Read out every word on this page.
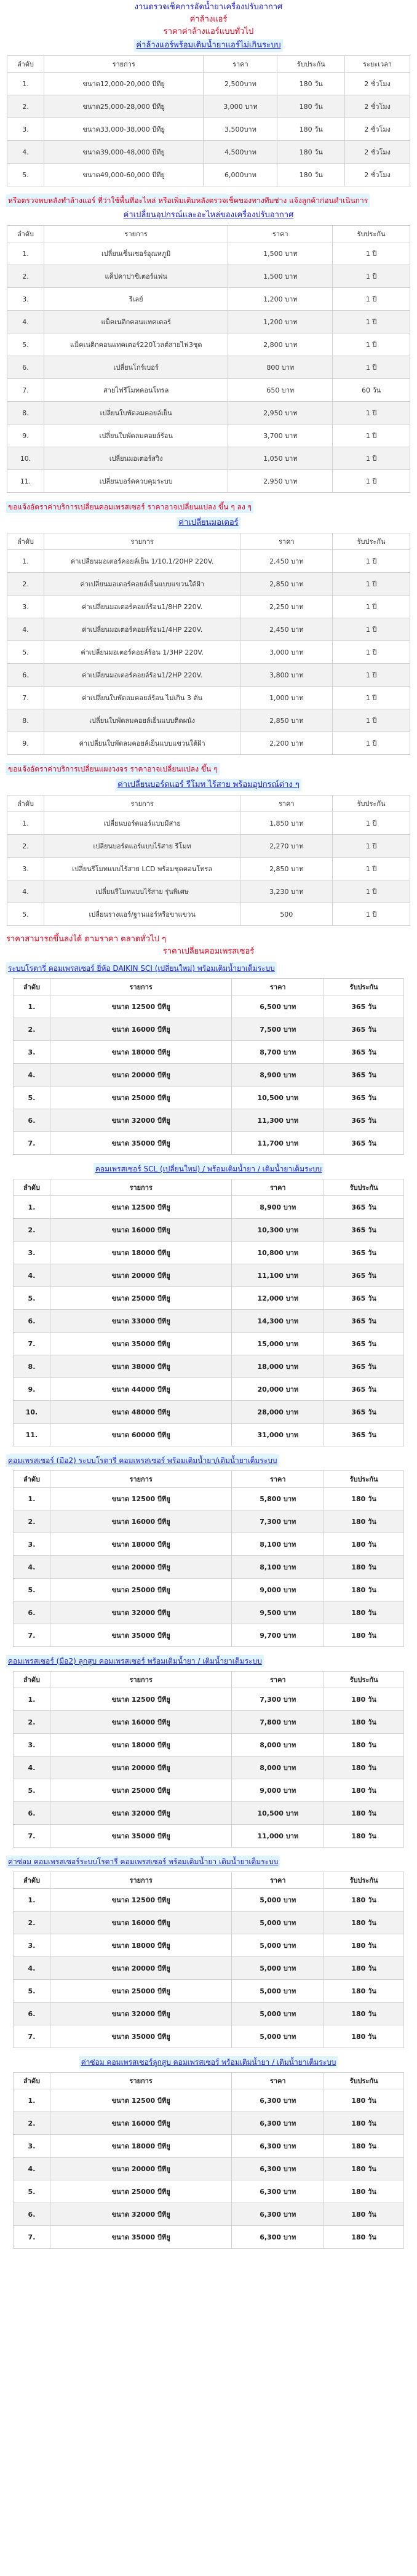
งานตรวจเช็คการอัดน้ำยาเครื่องปรับอากาศ
ค่าล้างแอร์
ราคาค่าล้างแอร์แบบทั่วไป
ค่าล้างแอร์พร้อมเติมน้ำยาแอร์ไม่เกินระบบ
ลำดับ	รายการ	ราคา	รับประกัน	ระยะเวลา
1.	ขนาด12,000-20,000 บีทียู	2,500บาท	180 วัน	2 ชั่วโมง
2.	ขนาด25,000-28,000 บีทียู	3,000 บาท	180 วัน	2 ชั่วโมง
3.	ขนาด33,000-38,000 บีทียู	3,500บาท	180 วัน	2 ชั่วโมง
4.	ขนาด39,000-48,000 บีทียู	4,500บาท	180 วัน	2 ชั่วโมง
5.	ขนาด49,000-60,000 บีทียู	6,000บาท	180 วัน	2 ชั่วโมง
หรือตรวจพบหลังทำล้างแอร์ ที่ว่าใช้พื้นที่อะไหล่ หรือเพิ่มเติมหลังตรวจเช็คของทางทีมช่าง แจ้งลูกค้าก่อนดำเนินการ
ค่าเปลี่ยนอุปกรณ์และอะไหล่ของเครื่องปรับอากาศ
ลำดับ	รายการ	ราคา	รับประกัน
1.	เปลี่ยนเซ็นเซอร์อุณหภูมิ	1,500 บาท	1 ปี
2.	แค็ปคาปาซิเตอร์แฟน	1,500 บาท	1 ปี
3.	รีเลย์	1,200 บาท	1 ปี
4.	แม็คเนติกคอนแทคเตอร์	1,200 บาท	1 ปี
5.	แม็คเนติกคอนแทคเตอร์220โวลต์สายไฟ3ชุด	2,800 บาท	1 ปี
6.	เปลี่ยนโกร์เบอร์	800 บาท	1 ปี
7.	สายไฟรีโมทคอนโทรล	650 บาท	60 วัน
8.	เปลี่ยนใบพัดลมคอยล์เย็น	2,950 บาท	1 ปี
9.	เปลี่ยนใบพัดลมคอยล์ร้อน	3,700 บาท	1 ปี
10.	เปลี่ยนมอเตอร์สวิง	1,050 บาท	1 ปี
11.	เปลี่ยนบอร์ดควบคุมระบบ	2,950 บาท	1 ปี
ขอแจ้งอัตราค่าบริการเปลี่ยนคอมเพรสเซอร์ ราคาอาจเปลี่ยนแปลง ขึ้น ๆ ลง ๆ
ค่าเปลี่ยนมอเตอร์
ลำดับ	รายการ	ราคา	รับประกัน
1.	ค่าเปลี่ยนมอเตอร์คอยล์เย็น 1/10,1/20HP 220V.	2,450 บาท	1 ปี
2.	ค่าเปลี่ยนมอเตอร์คอยล์เย็นแบบแขวนใต้ฝ้า	2,850 บาท	1 ปี
3.	ค่าเปลี่ยนมอเตอร์คอยล์ร้อน1/8HP 220V.	2,250 บาท	1 ปี
4.	ค่าเปลี่ยนมอเตอร์คอยล์ร้อน1/4HP 220V.	2,450 บาท	1 ปี
5.	ค่าเปลี่ยนมอเตอร์คอยล์ร้อน 1/3HP 220V.	3,000 บาท	1 ปี
6.	ค่าเปลี่ยนมอเตอร์คอยล์ร้อน1/2HP 220V.	3,800 บาท	1 ปี
7.	ค่าเปลี่ยนใบพัดลมคอยล์ร้อน ไม่เกิน 3 ตัน	1,000 บาท	1 ปี
8.	เปลี่ยนใบพัดลมคอยล์เย็นแบบติดผนัง	2,850 บาท	1 ปี
9.	ค่าเปลี่ยนใบพัดลมคอยล์เย็นแบบแขวนใต้ฝ้า	2,200 บาท	1 ปี
ขอแจ้งอัตราค่าบริการเปลี่ยนแผงวงจร ราคาอาจเปลี่ยนแปลง ขึ้น ๆ
ค่าเปลี่ยนบอร์ดแอร์ รีโมท ไร้สาย พร้อมอุปกรณ์ต่าง ๆ
ลำดับ	รายการ	ราคา	รับประกัน
1.	เปลี่ยนบอร์ดแอร์แบบมีสาย	1,850 บาท	1 ปี
2.	เปลี่ยนบอร์ดแอร์แบบไร้สาย รีโมท	2,270 บาท	1 ปี
3.	เปลี่ยนรีโมทแบบไร้สาย LCD พร้อมชุดคอนโทรล	2,850 บาท	1 ปี
4.	เปลี่ยนรีโมทแบบไร้สาย รุ่นพิเศษ	3,230 บาท	1 ปี
5.	เปลี่ยนรางแอร์/ฐานแอร์หรือขาแขวน	500	1 ปี
ราคาสามารถขึ้นลงได้ ตามราคา ตลาดทั่วไป ๆ
ราคาเปลี่ยนคอมเพรสเซอร์
ระบบโรตารี่ คอมเพรสเซอร์ ยี่ห้อ DAIKIN SCI (เปลี่ยนใหม่) พร้อมเติมน้ำยาเต็มระบบ
ลำดับ	รายการ	ราคา	รับประกัน
1.	ขนาด 12500 บีทียู	6,500 บาท	365 วัน
2.	ขนาด 16000 บีทียู	7,500 บาท	365 วัน
3.	ขนาด 18000 บีทียู	8,700 บาท	365 วัน
4.	ขนาด 20000 บีทียู	8,900 บาท	365 วัน
5.	ขนาด 25000 บีทียู	10,500 บาท	365 วัน
6.	ขนาด 32000 บีทียู	11,300 บาท	365 วัน
7.	ขนาด 35000 บีทียู	11,700 บาท	365 วัน
คอมเพรสเซอร์ SCL (เปลี่ยนใหม่) / พร้อมเติมน้ำยา / เติมน้ำยาเต็มระบบ
ลำดับ	รายการ	ราคา	รับประกัน
1.	ขนาด 12500 บีทียู	8,900 บาท	365 วัน
2.	ขนาด 16000 บีทียู	10,300 บาท	365 วัน
3.	ขนาด 18000 บีทียู	10,800 บาท	365 วัน
4.	ขนาด 20000 บีทียู	11,100 บาท	365 วัน
5.	ขนาด 25000 บีทียู	12,000 บาท	365 วัน
6.	ขนาด 33000 บีทียู	14,300 บาท	365 วัน
7.	ขนาด 35000 บีทียู	15,000 บาท	365 วัน
8.	ขนาด 38000 บีทียู	18,000 บาท	365 วัน
9.	ขนาด 44000 บีทียู	20,000 บาท	365 วัน
10.	ขนาด 48000 บีทียู	28,000 บาท	365 วัน
11.	ขนาด 60000 บีทียู	31,000 บาท	365 วัน
คอมเพรสเซอร์ (มือ2) ระบบโรตารี่ คอมเพรสเซอร์ พร้อมเติมน้ำยา/เติมน้ำยาเต็มระบบ
ลำดับ	รายการ	ราคา	รับประกัน
1.	ขนาด 12500 บีทียู	5,800 บาท	180 วัน
2.	ขนาด 16000 บีทียู	7,300 บาท	180 วัน
3.	ขนาด 18000 บีทียู	8,100 บาท	180 วัน
4.	ขนาด 20000 บีทียู	8,100 บาท	180 วัน
5.	ขนาด 25000 บีทียู	9,000 บาท	180 วัน
6.	ขนาด 32000 บีทียู	9,500 บาท	180 วัน
7.	ขนาด 35000 บีทียู	9,700 บาท	180 วัน
คอมเพรสเซอร์ (มือ2) ลูกสูบ คอมเพรสเซอร์ พร้อมเติมน้ำยา / เติมน้ำยาเต็มระบบ
ลำดับ	รายการ	ราคา	รับประกัน
1.	ขนาด 12500 บีทียู	7,300 บาท	180 วัน
2.	ขนาด 16000 บีทียู	7,800 บาท	180 วัน
3.	ขนาด 18000 บีทียู	8,000 บาท	180 วัน
4.	ขนาด 20000 บีทียู	8,000 บาท	180 วัน
5.	ขนาด 25000 บีทียู	9,000 บาท	180 วัน
6.	ขนาด 32000 บีทียู	10,500 บาท	180 วัน
7.	ขนาด 35000 บีทียู	11,000 บาท	180 วัน
ค่าซ่อม คอมเพรสเซอร์ระบบโรตารี่ คอมเพรสเซอร์ พร้อมเติมน้ำยา เติมน้ำยาเต็มระบบ
ลำดับ	รายการ	ราคา	รับประกัน
1.	ขนาด 12500 บีทียู	5,000 บาท	180 วัน
2.	ขนาด 16000 บีทียู	5,000 บาท	180 วัน
3.	ขนาด 18000 บีทียู	5,000 บาท	180 วัน
4.	ขนาด 20000 บีทียู	5,000 บาท	180 วัน
5.	ขนาด 25000 บีทียู	5,000 บาท	180 วัน
6.	ขนาด 32000 บีทียู	5,000 บาท	180 วัน
7.	ขนาด 35000 บีทียู	5,000 บาท	180 วัน
ค่าซ่อม คอมเพรสเซอร์ลูกสูบ คอมเพรสเซอร์ พร้อมเติมน้ำยา / เติมน้ำยาเต็มระบบ
ลำดับ	รายการ	ราคา	รับประกัน
1.	ขนาด 12500 บีทียู	6,300 บาท	180 วัน
2.	ขนาด 16000 บีทียู	6,300 บาท	180 วัน
3.	ขนาด 18000 บีทียู	6,300 บาท	180 วัน
4.	ขนาด 20000 บีทียู	6,300 บาท	180 วัน
5.	ขนาด 25000 บีทียู	6,300 บาท	180 วัน
6.	ขนาด 32000 บีทียู	6,300 บาท	180 วัน
7.	ขนาด 35000 บีทียู	6,300 บาท	180 วัน
